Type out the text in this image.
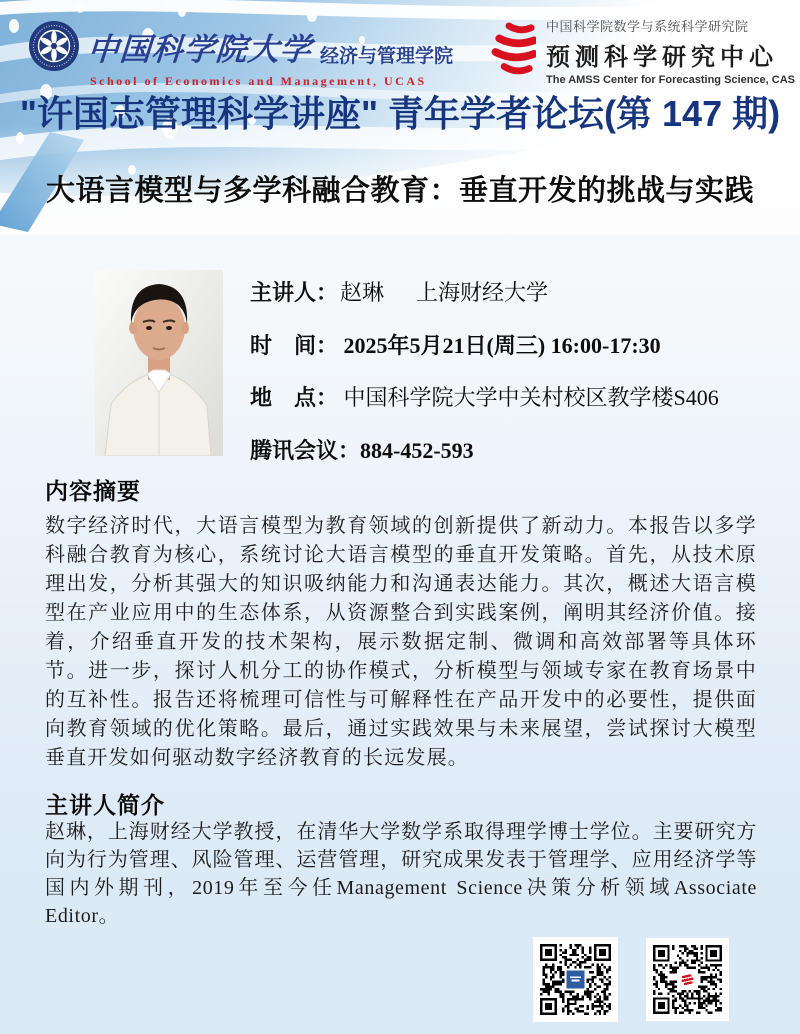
中国科学院大学 经济与管理学院
School of Economics and Management, UCAS
中国科学院数学与系统科学研究院
预测科学研究中心
The AMSS Center for Forecasting Science, CAS
"许国志管理科学讲座" 青年学者论坛(第 147 期)
大语言模型与多学科融合教育：垂直开发的挑战与实践
主讲人：赵琳 上海财经大学
时　间： 2025年5月21日(周三) 16:00-17:30
地　点： 中国科学院大学中关村校区教学楼S406
腾讯会议：884-452-593
内容摘要
数字经济时代，大语言模型为教育领域的创新提供了新动力。本报告以多学科融合教育为核心，系统讨论大语言模型的垂直开发策略。首先，从技术原理出发，分析其强大的知识吸纳能力和沟通表达能力。其次，概述大语言模型在产业应用中的生态体系，从资源整合到实践案例，阐明其经济价值。接着，介绍垂直开发的技术架构，展示数据定制、微调和高效部署等具体环节。进一步，探讨人机分工的协作模式，分析模型与领域专家在教育场景中的互补性。报告还将梳理可信性与可解释性在产品开发中的必要性，提供面向教育领域的优化策略。最后，通过实践效果与未来展望，尝试探讨大模型垂直开发如何驱动数字经济教育的长远发展。
主讲人简介
赵琳，上海财经大学教授，在清华大学数学系取得理学博士学位。主要研究方向为行为管理、风险管理、运营管理，研究成果发表于管理学、应用经济学等国内外期刊，2019年至今任Management Science决策分析领域Associate Editor。
